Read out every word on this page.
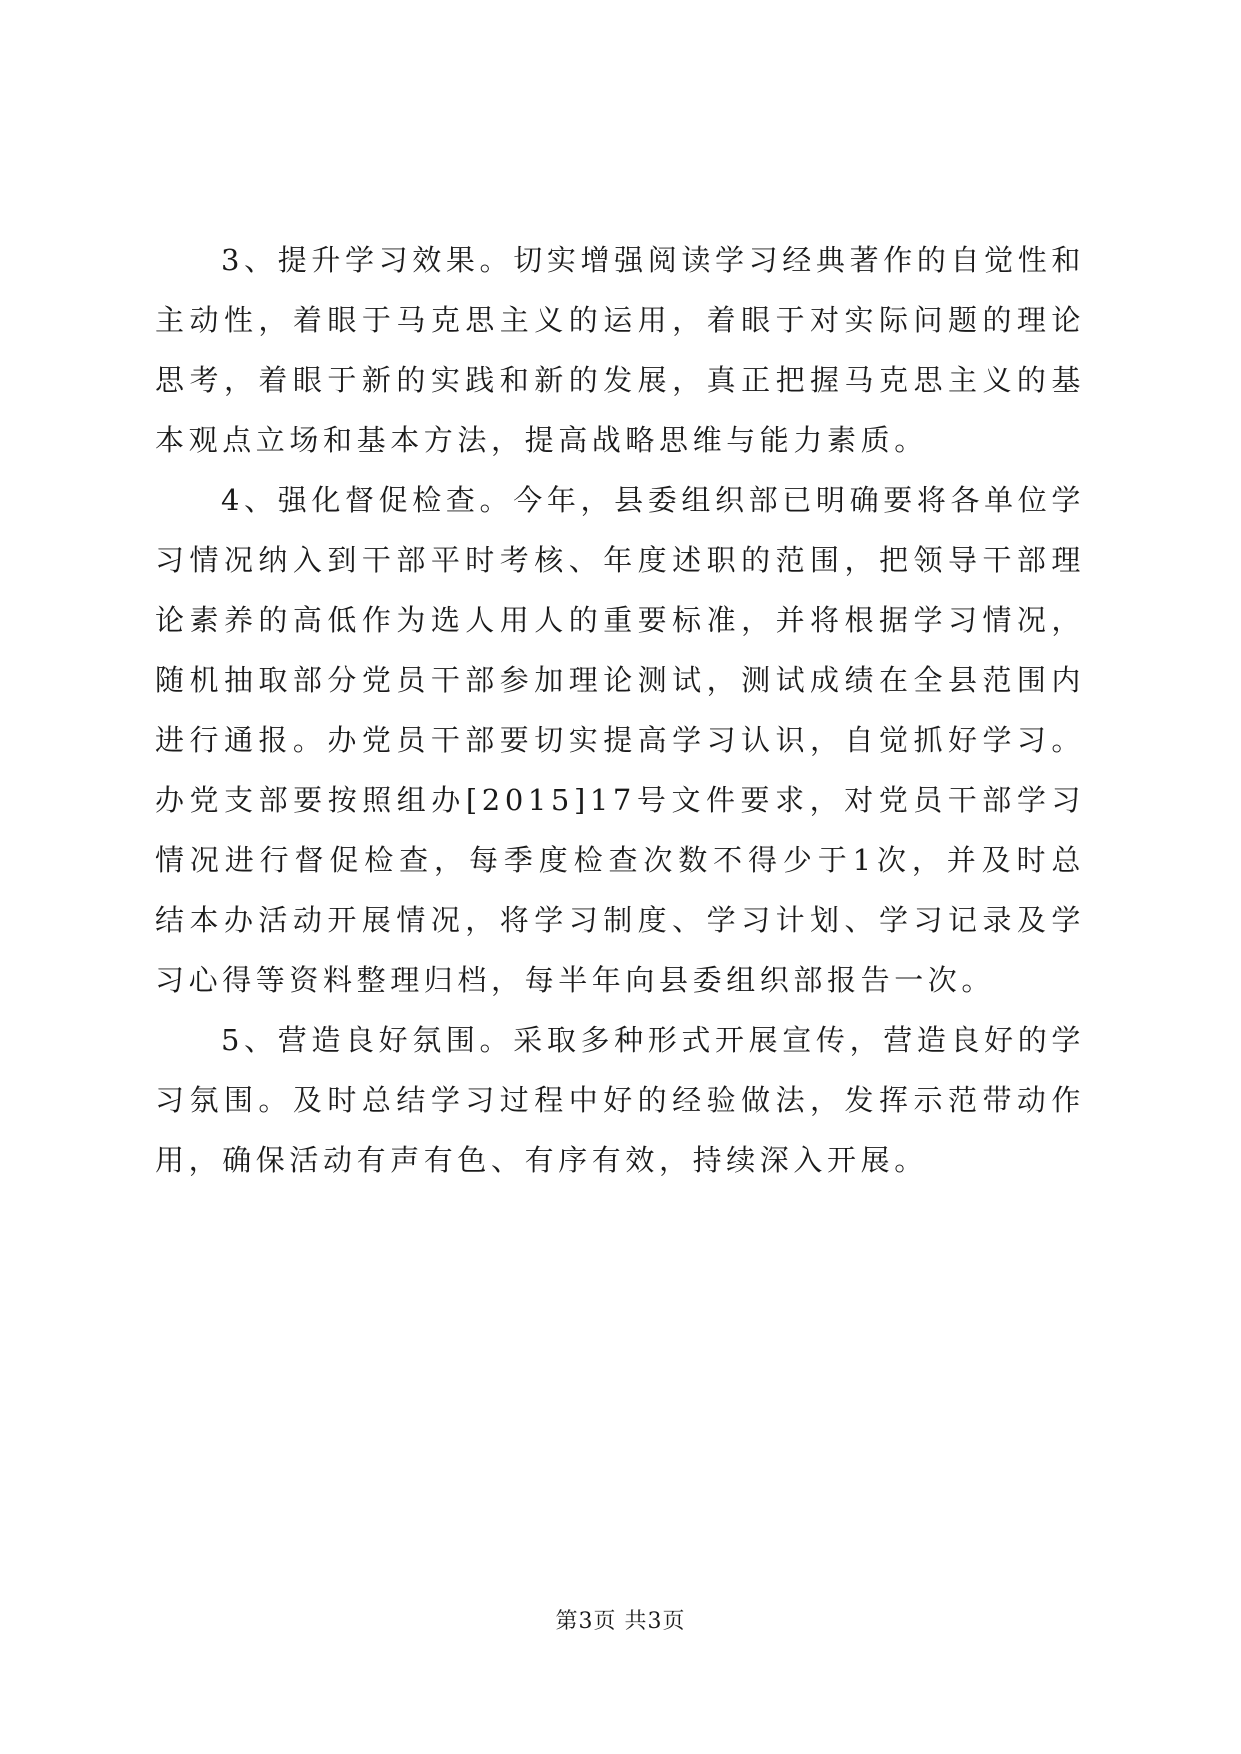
3、提升学习效果。切实增强阅读学习经典著作的自觉性和主动性，着眼于马克思主义的运用，着眼于对实际问题的理论思考，着眼于新的实践和新的发展，真正把握马克思主义的基本观点立场和基本方法，提高战略思维与能力素质。

4、强化督促检查。今年，县委组织部已明确要将各单位学习情况纳入到干部平时考核、年度述职的范围，把领导干部理论素养的高低作为选人用人的重要标准，并将根据学习情况，随机抽取部分党员干部参加理论测试，测试成绩在全县范围内进行通报。办党员干部要切实提高学习认识，自觉抓好学习。办党支部要按照组办[2015]17号文件要求，对党员干部学习情况进行督促检查，每季度检查次数不得少于1次，并及时总结本办活动开展情况，将学习制度、学习计划、学习记录及学习心得等资料整理归档，每半年向县委组织部报告一次。

5、营造良好氛围。采取多种形式开展宣传，营造良好的学习氛围。及时总结学习过程中好的经验做法，发挥示范带动作用，确保活动有声有色、有序有效，持续深入开展。

第3页 共3页
